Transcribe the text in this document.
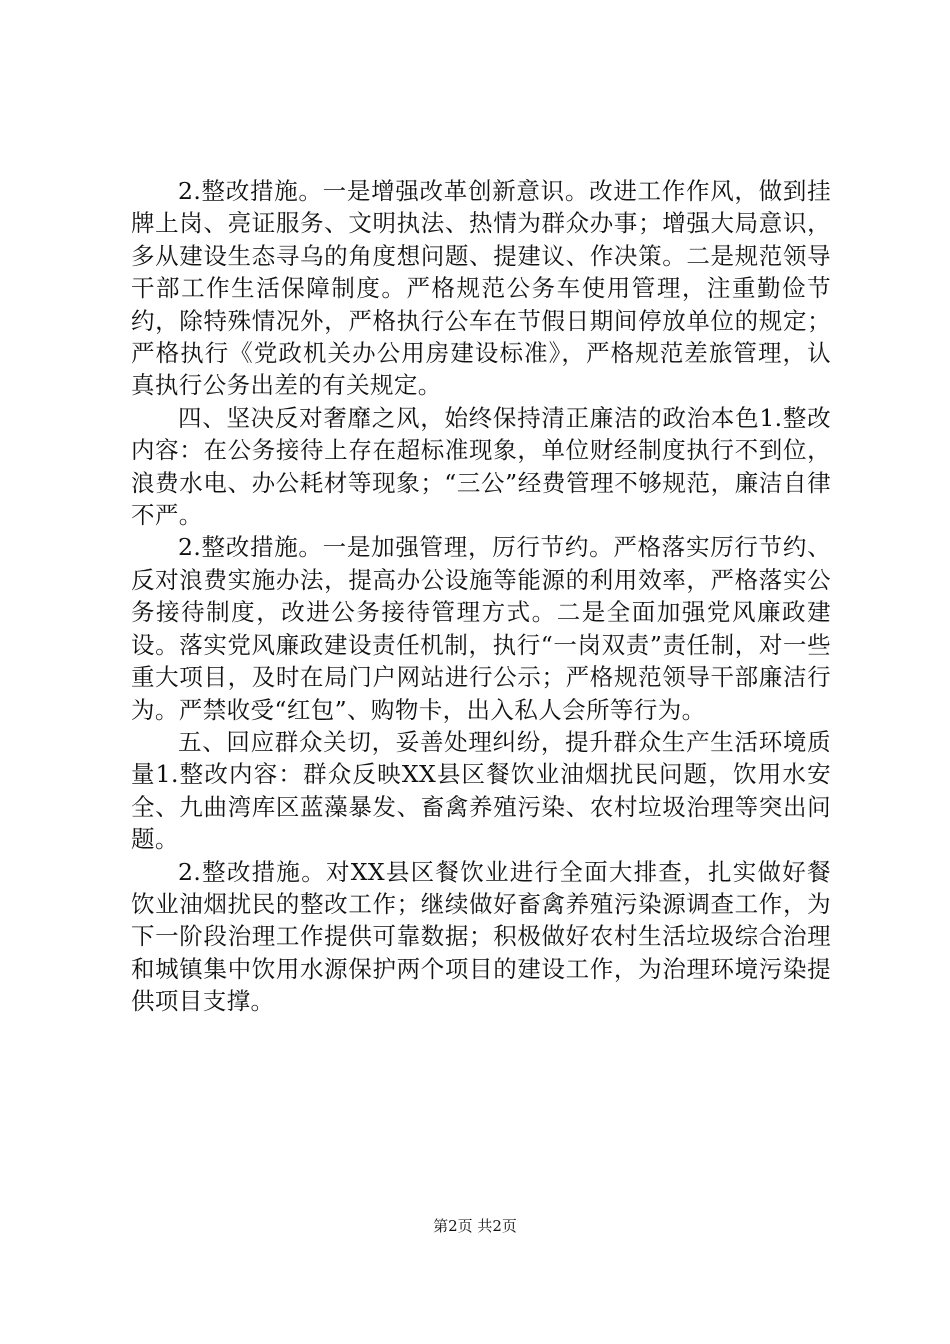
2.整改措施。一是增强改革创新意识。改进工作作风，做到挂牌上岗、亮证服务、文明执法、热情为群众办事；增强大局意识，多从建设生态寻乌的角度想问题、提建议、作决策。二是规范领导干部工作生活保障制度。严格规范公务车使用管理，注重勤俭节约，除特殊情况外，严格执行公车在节假日期间停放单位的规定；严格执行《党政机关办公用房建设标准》，严格规范差旅管理，认真执行公务出差的有关规定。

四、坚决反对奢靡之风，始终保持清正廉洁的政治本色1.整改内容：在公务接待上存在超标准现象，单位财经制度执行不到位，浪费水电、办公耗材等现象；“三公”经费管理不够规范，廉洁自律不严。

2.整改措施。一是加强管理，厉行节约。严格落实厉行节约、反对浪费实施办法，提高办公设施等能源的利用效率，严格落实公务接待制度，改进公务接待管理方式。二是全面加强党风廉政建设。落实党风廉政建设责任机制，执行“一岗双责”责任制，对一些重大项目，及时在局门户网站进行公示；严格规范领导干部廉洁行为。严禁收受“红包”、购物卡，出入私人会所等行为。

五、回应群众关切，妥善处理纠纷，提升群众生产生活环境质量1.整改内容：群众反映XX县区餐饮业油烟扰民问题，饮用水安全、九曲湾库区蓝藻暴发、畜禽养殖污染、农村垃圾治理等突出问题。

2.整改措施。对XX县区餐饮业进行全面大排查，扎实做好餐饮业油烟扰民的整改工作；继续做好畜禽养殖污染源调查工作，为下一阶段治理工作提供可靠数据；积极做好农村生活垃圾综合治理和城镇集中饮用水源保护两个项目的建设工作，为治理环境污染提供项目支撑。

第2页 共2页
